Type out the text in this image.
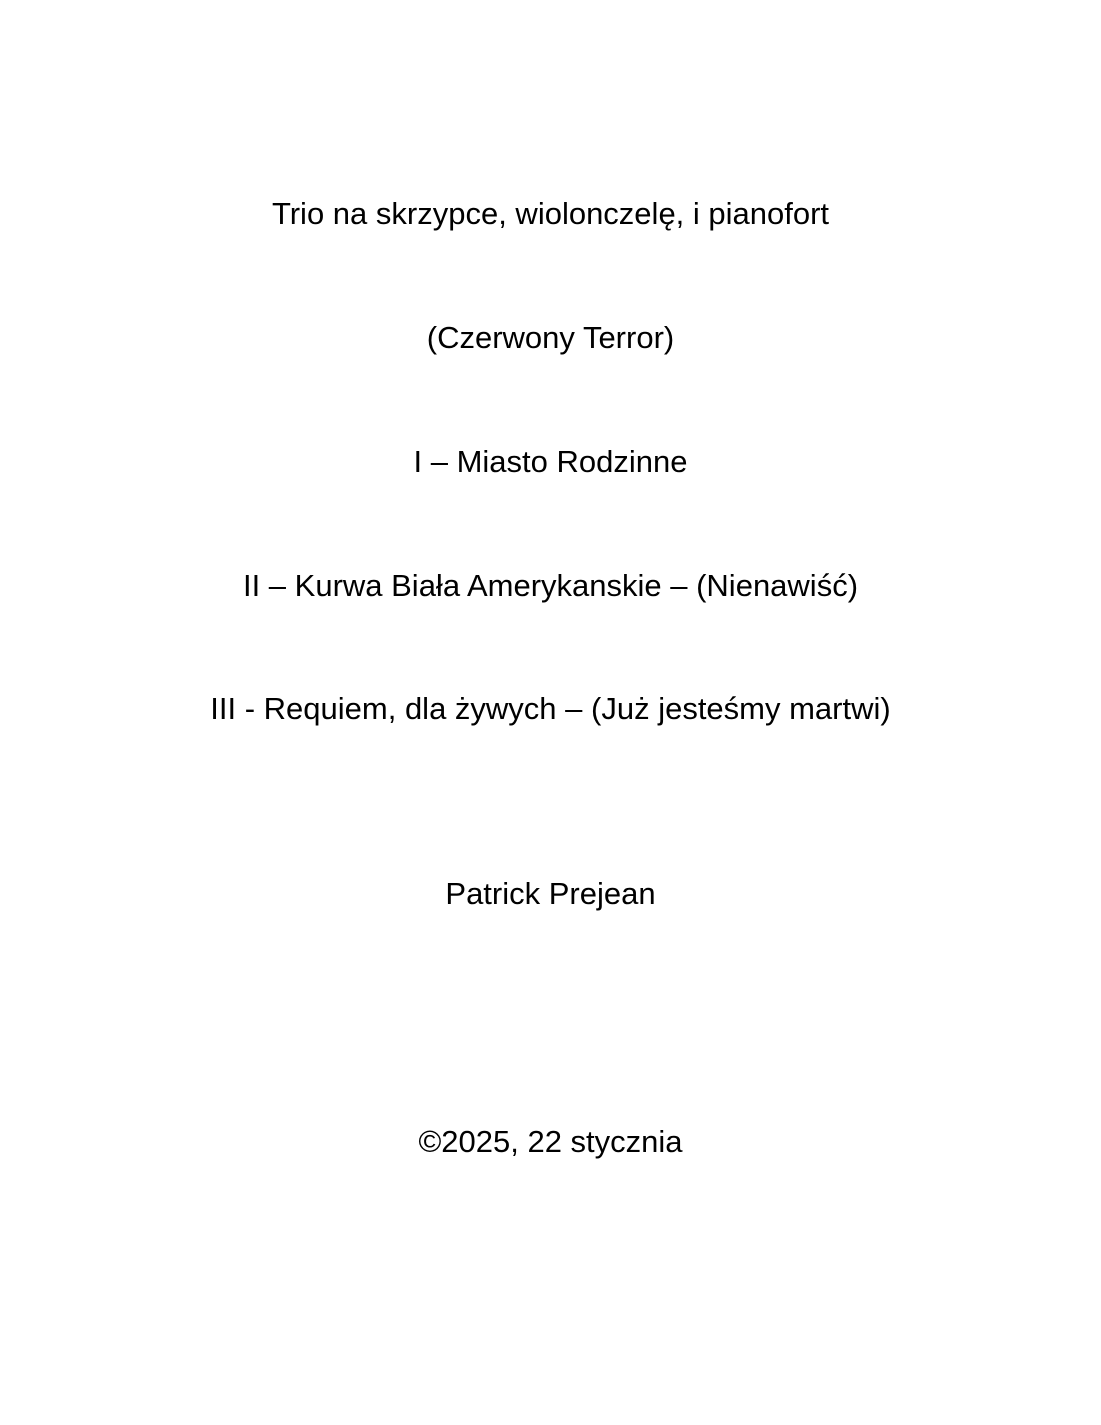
Trio na skrzypce, wiolonczelę, i pianofort
(Czerwony Terror)
I – Miasto Rodzinne
II – Kurwa Biała Amerykanskie – (Nienawiść)
III - Requiem, dla żywych – (Już jesteśmy martwi)
Patrick Prejean
©2025, 22 stycznia
